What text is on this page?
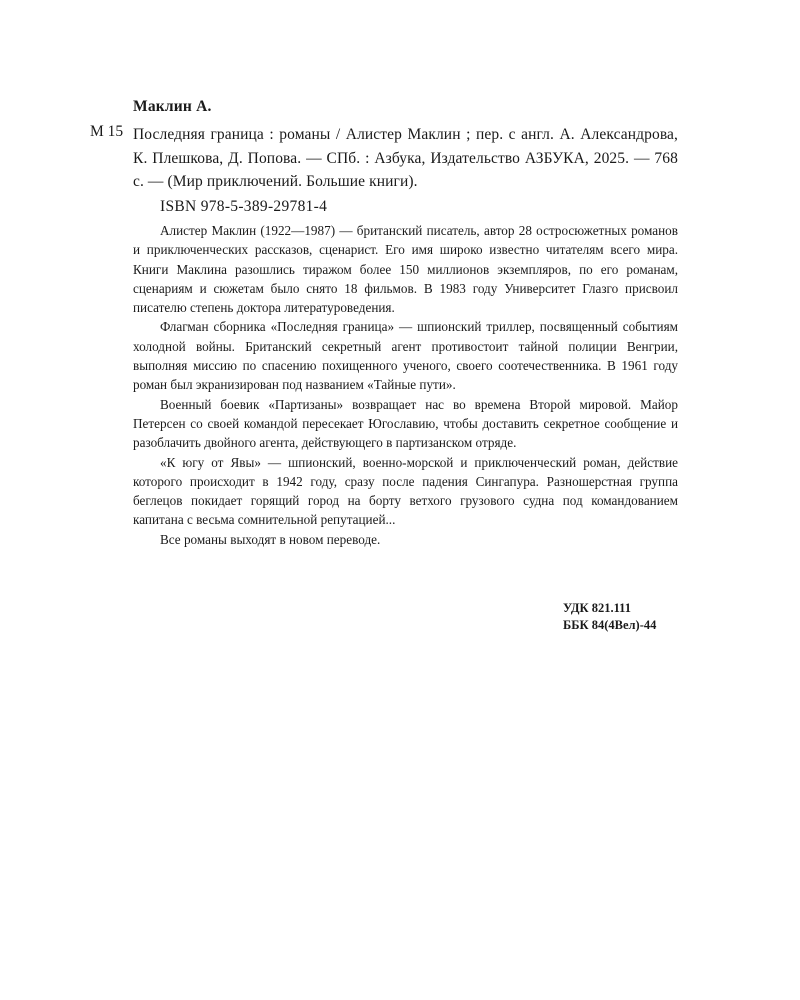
Маклин А.
М 15 Последняя граница : романы / Алистер Маклин ; пер. с англ. А. Александрова, К. Плешкова, Д. Попова. — СПб. : Азбука, Издательство АЗБУКА, 2025. — 768 с. — (Мир приключений. Большие книги).
ISBN 978-5-389-29781-4

Алистер Маклин (1922—1987) — британский писатель, автор 28 остросюжетных романов и приключенческих рассказов, сценарист. Его имя широко известно читателям всего мира. Книги Маклина разошлись тиражом более 150 миллионов экземпляров, по его романам, сценариям и сюжетам было снято 18 фильмов. В 1983 году Университет Глазго присвоил писателю степень доктора литературоведения.

Флагман сборника «Последняя граница» — шпионский триллер, посвященный событиям холодной войны. Британский секретный агент противостоит тайной полиции Венгрии, выполняя миссию по спасению похищенного ученого, своего соотечественника. В 1961 году роман был экранизирован под названием «Тайные пути».

Военный боевик «Партизаны» возвращает нас во времена Второй мировой. Майор Петерсен со своей командой пересекает Югославию, чтобы доставить секретное сообщение и разоблачить двойного агента, действующего в партизанском отряде.

«К югу от Явы» — шпионский, военно-морской и приключенческий роман, действие которого происходит в 1942 году, сразу после падения Сингапура. Разношерстная группа беглецов покидает горящий город на борту ветхого грузового судна под командованием капитана с весьма сомнительной репутацией...

Все романы выходят в новом переводе.

УДК 821.111
ББК 84(4Вел)-44
